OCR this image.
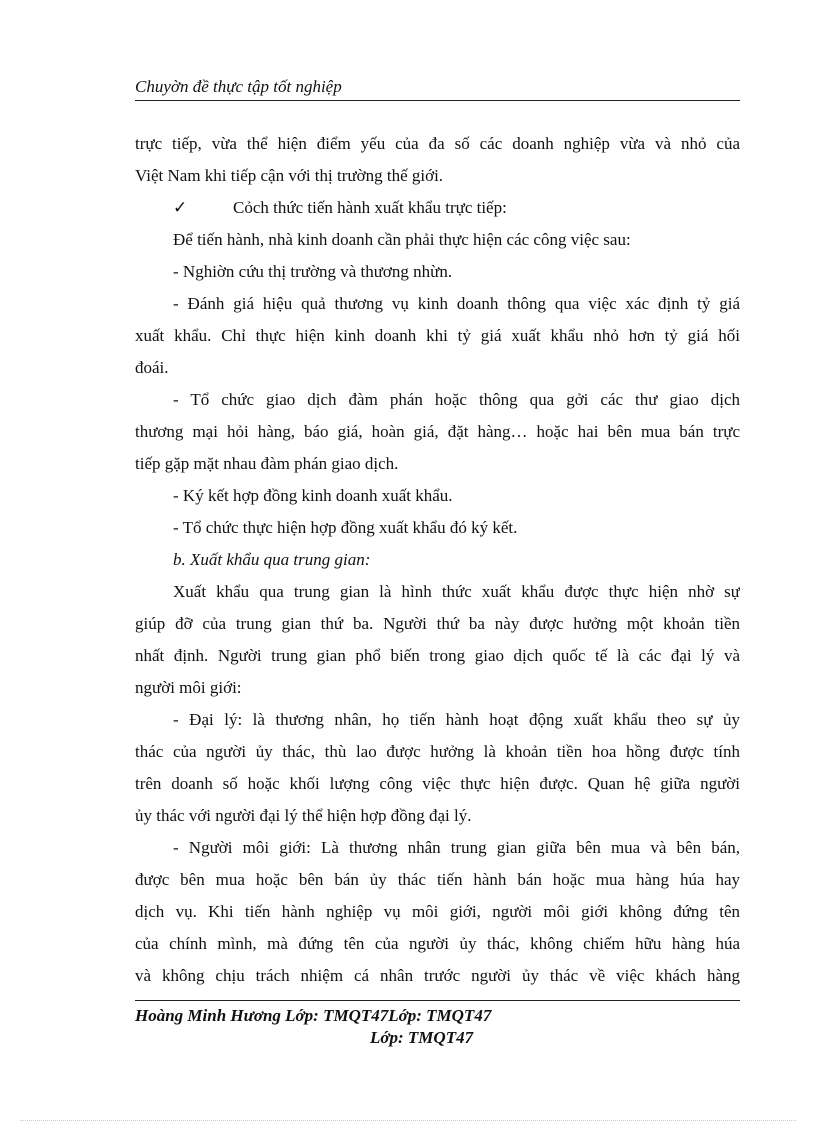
Chuyờn đề thực tập tốt nghiệp
trực tiếp, vừa thể hiện điểm yếu của đa số các doanh nghiệp vừa và nhỏ của
Việt Nam khi tiếp cận với thị trường thế giới.
✓	Cỏch thức tiến hành xuất khẩu trực tiếp:
Để tiến hành, nhà kinh doanh cần phải thực hiện các công việc sau:
- Nghiờn cứu thị trường và thương nhừn.
- Đánh giá hiệu quả thương vụ kinh doanh thông qua việc xác định tỷ giá
xuất khẩu. Chỉ thực hiện kinh doanh khi tỷ giá xuất khẩu nhỏ hơn tỷ giá hối
đoái.
- Tổ chức giao dịch đàm phán hoặc thông qua gởi các thư giao dịch
thương mại hỏi hàng, báo giá, hoàn giá, đặt hàng… hoặc hai bên mua bán trực
tiếp gặp mặt nhau đàm phán giao dịch.
- Ký kết hợp đồng kinh doanh xuất khẩu.
- Tổ chức thực hiện hợp đồng xuất khẩu đó ký kết.
b. Xuất khẩu qua trung gian:
Xuất khẩu qua trung gian là hình thức xuất khẩu được thực hiện nhờ sự
giúp đỡ của trung gian thứ ba. Người thứ ba này được hưởng một khoản tiền
nhất định. Người trung gian phổ biến trong giao dịch quốc tế là các đại lý và
người môi giới:
- Đại lý: là thương nhân, họ tiến hành hoạt động xuất khẩu theo sự ủy
thác của người ủy thác, thù lao được hưởng là khoản tiền hoa hồng được tính
trên doanh số hoặc khối lượng công việc thực hiện được. Quan hệ giữa người
ủy thác với người đại lý thể hiện hợp đồng đại lý.
- Người môi giới: Là thương nhân trung gian giữa bên mua và bên bán,
được bên mua hoặc bên bán ủy thác tiến hành bán hoặc mua hàng húa hay
dịch vụ. Khi tiến hành nghiệp vụ môi giới, người môi giới không đứng tên
của chính mình, mà đứng tên của người ủy thác, không chiếm hữu hàng húa
và không chịu trách nhiệm cá nhân trước người ủy thác về việc khách hàng
Hoàng Minh Hương Lớp: TMQT47Lớp: TMQT47
Lớp: TMQT47
